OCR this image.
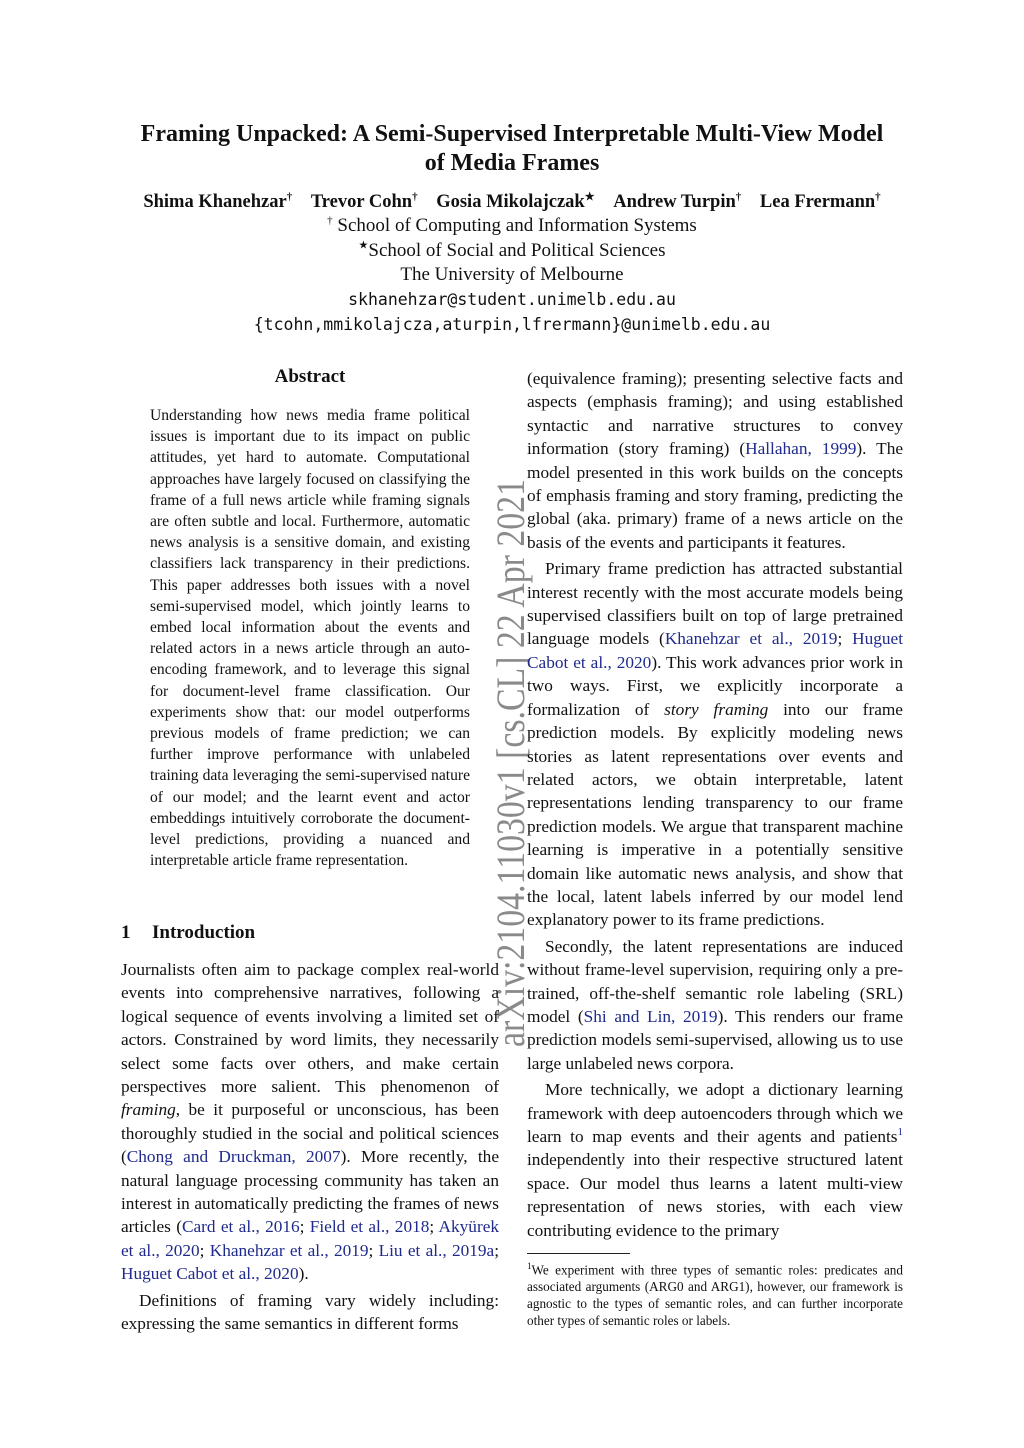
arXiv:2104.11030v1 [cs.CL] 22 Apr 2021
Framing Unpacked: A Semi-Supervised Interpretable Multi-View Model
of Media Frames

Shima Khanehzar† Trevor Cohn† Gosia Mikolajczak★ Andrew Turpin† Lea Frermann†

† School of Computing and Information Systems

★School of Social and Political Sciences

The University of Melbourne

skhanehzar@student.unimelb.edu.au

{tcohn,mmikolajcza,aturpin,lfrermann}@unimelb.edu.au

Abstract

Understanding how news media frame political issues is important due to its impact on public attitudes, yet hard to automate. Computational approaches have largely focused on classifying the frame of a full news article while framing signals are often subtle and local. Furthermore, automatic news analysis is a sensitive domain, and existing classifiers lack transparency in their predictions. This paper addresses both issues with a novel semi-supervised model, which jointly learns to embed local information about the events and related actors in a news article through an auto-encoding framework, and to leverage this signal for document-level frame classification. Our experiments show that: our model outperforms previous models of frame prediction; we can further improve performance with unlabeled training data leveraging the semi-supervised nature of our model; and the learnt event and actor embeddings intuitively corroborate the document-level predictions, providing a nuanced and interpretable article frame representation.

1 Introduction

Journalists often aim to package complex real-world events into comprehensive narratives, following a logical sequence of events involving a limited set of actors. Constrained by word limits, they necessarily select some facts over others, and make certain perspectives more salient. This phenomenon of framing, be it purposeful or unconscious, has been thoroughly studied in the social and political sciences (Chong and Druckman, 2007). More recently, the natural language processing community has taken an interest in automatically predicting the frames of news articles (Card et al., 2016; Field et al., 2018; Akyürek et al., 2020; Khanehzar et al., 2019; Liu et al., 2019a; Huguet Cabot et al., 2020).

Definitions of framing vary widely including: expressing the same semantics in different forms

(equivalence framing); presenting selective facts and aspects (emphasis framing); and using established syntactic and narrative structures to convey information (story framing) (Hallahan, 1999). The model presented in this work builds on the concepts of emphasis framing and story framing, predicting the global (aka. primary) frame of a news article on the basis of the events and participants it features.

Primary frame prediction has attracted substantial interest recently with the most accurate models being supervised classifiers built on top of large pretrained language models (Khanehzar et al., 2019; Huguet Cabot et al., 2020). This work advances prior work in two ways. First, we explicitly incorporate a formalization of story framing into our frame prediction models. By explicitly modeling news stories as latent representations over events and related actors, we obtain interpretable, latent representations lending transparency to our frame prediction models. We argue that transparent machine learning is imperative in a potentially sensitive domain like automatic news analysis, and show that the local, latent labels inferred by our model lend explanatory power to its frame predictions.

Secondly, the latent representations are induced without frame-level supervision, requiring only a pre-trained, off-the-shelf semantic role labeling (SRL) model (Shi and Lin, 2019). This renders our frame prediction models semi-supervised, allowing us to use large unlabeled news corpora.

More technically, we adopt a dictionary learning framework with deep autoencoders through which we learn to map events and their agents and patients$^1$ independently into their respective structured latent space. Our model thus learns a latent multi-view representation of news stories, with each view contributing evidence to the primary

$^1$We experiment with three types of semantic roles: predicates and associated arguments (ARG0 and ARG1), however, our framework is agnostic to the types of semantic roles, and can further incorporate other types of semantic roles or labels.
